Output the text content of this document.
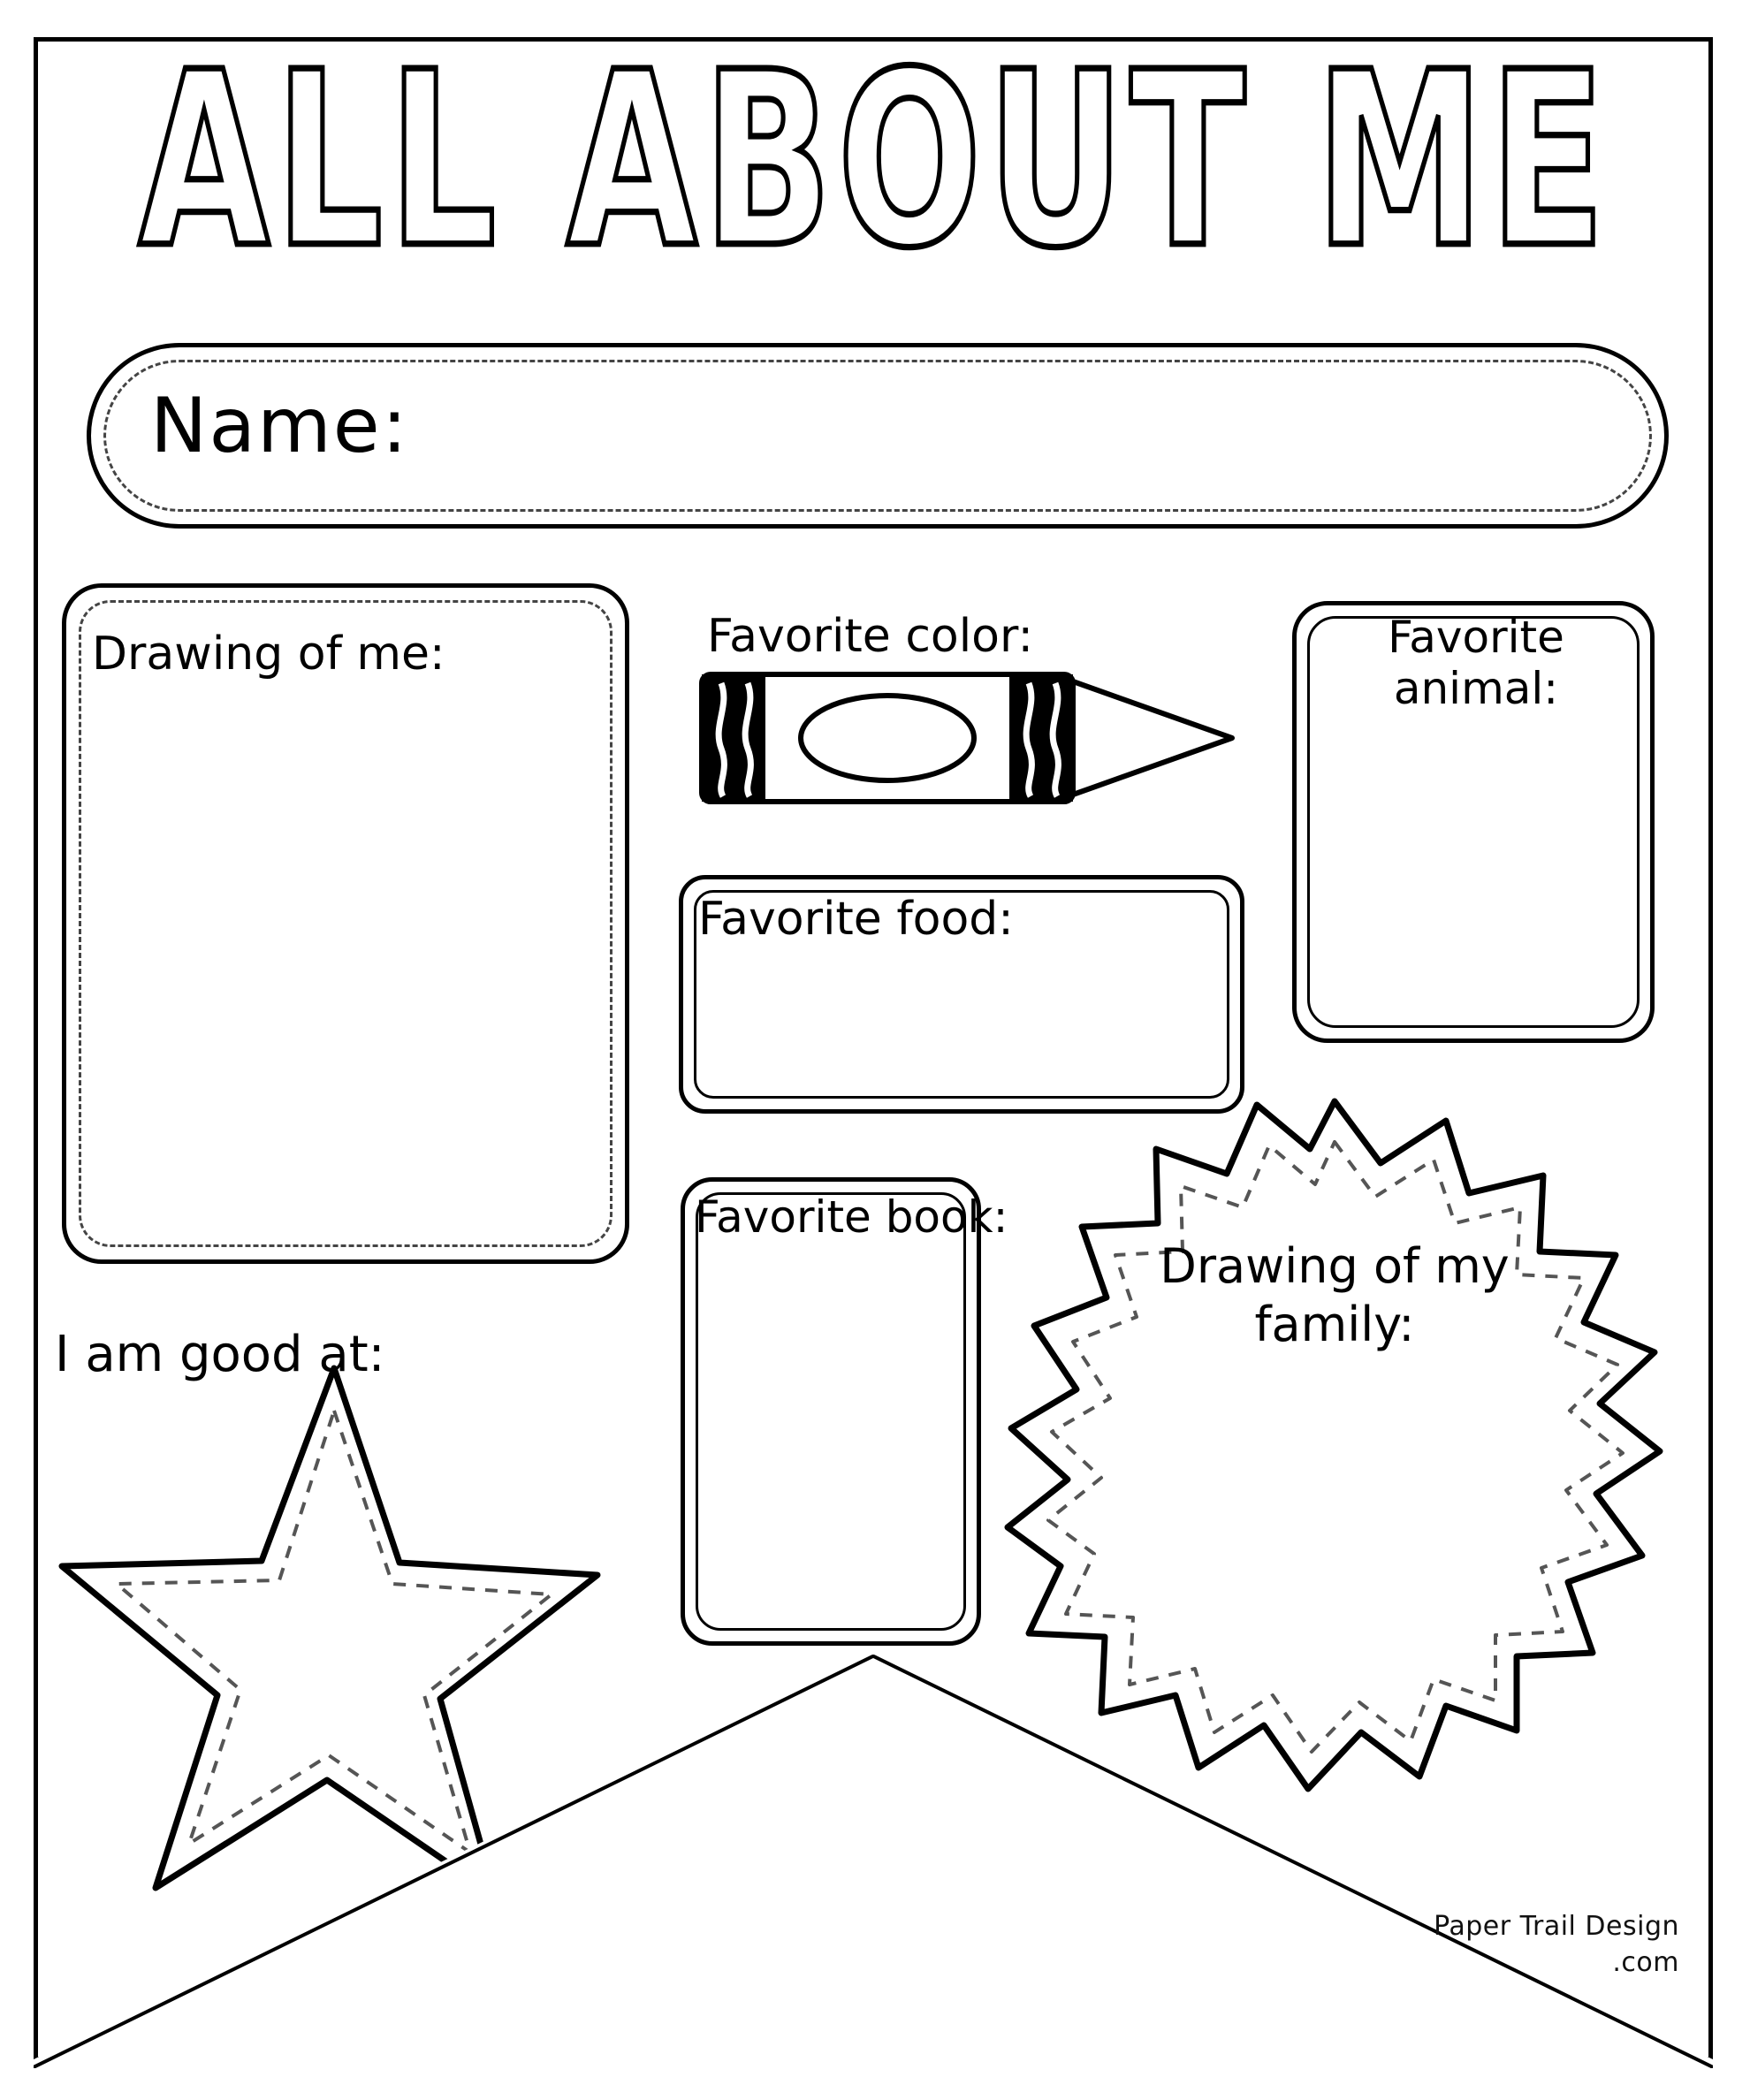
ALL ABOUT ME
Name:
Drawing of me:	Favorite color:
Favorite food:
Favorite animal:
Favorite book:
I am good at:
Drawing of my family:
Paper Trail Design
.com
